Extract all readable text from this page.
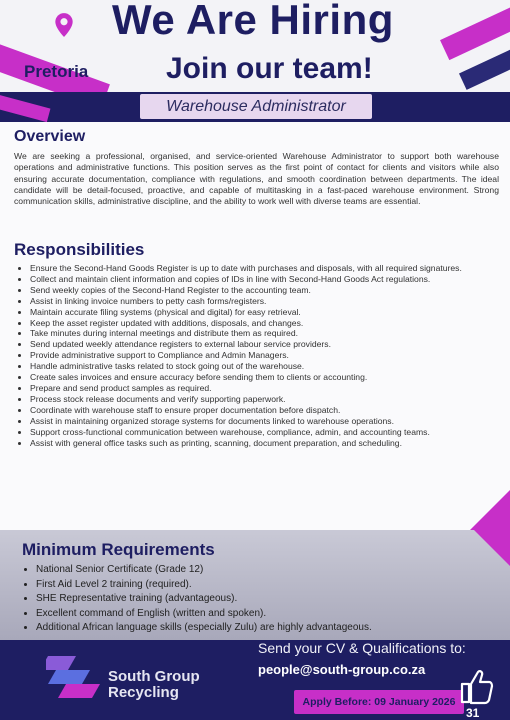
Pretoria
We Are Hiring
Join our team!
Warehouse Administrator
Overview

We are seeking a professional, organised, and service-oriented Warehouse Administrator to support both warehouse operations and administrative functions. This position serves as the first point of contact for clients and visitors while also ensuring accurate documentation, compliance with regulations, and smooth coordination between departments. The ideal candidate will be detail-focused, proactive, and capable of multitasking in a fast-paced warehouse environment. Strong communication skills, administrative discipline, and the ability to work well with diverse teams are essential.

Responsibilities
• Ensure the Second-Hand Goods Register is up to date with purchases and disposals, with all required signatures.
• Collect and maintain client information and copies of IDs in line with Second-Hand Goods Act regulations.
• Send weekly copies of the Second-Hand Register to the accounting team.
• Assist in linking invoice numbers to petty cash forms/registers.
• Maintain accurate filing systems (physical and digital) for easy retrieval.
• Keep the asset register updated with additions, disposals, and changes.
• Take minutes during internal meetings and distribute them as required.
• Send updated weekly attendance registers to external labour service providers.
• Provide administrative support to Compliance and Admin Managers.
• Handle administrative tasks related to stock going out of the warehouse.
• Create sales invoices and ensure accuracy before sending them to clients or accounting.
• Prepare and send product samples as required.
• Process stock release documents and verify supporting paperwork.
• Coordinate with warehouse staff to ensure proper documentation before dispatch.
• Assist in maintaining organized storage systems for documents linked to warehouse operations.
• Support cross-functional communication between warehouse, compliance, admin, and accounting teams.
• Assist with general office tasks such as printing, scanning, document preparation, and scheduling.
Minimum Requirements
• National Senior Certificate (Grade 12)
• First Aid Level 2 training (required).
• SHE Representative training (advantageous).
• Excellent command of English (written and spoken).
• Additional African language skills (especially Zulu) are highly advantageous.
South Group
Recycling
Send your CV & Qualifications to:
people@south-group.co.za
Apply Before: 09 January 2026
31
